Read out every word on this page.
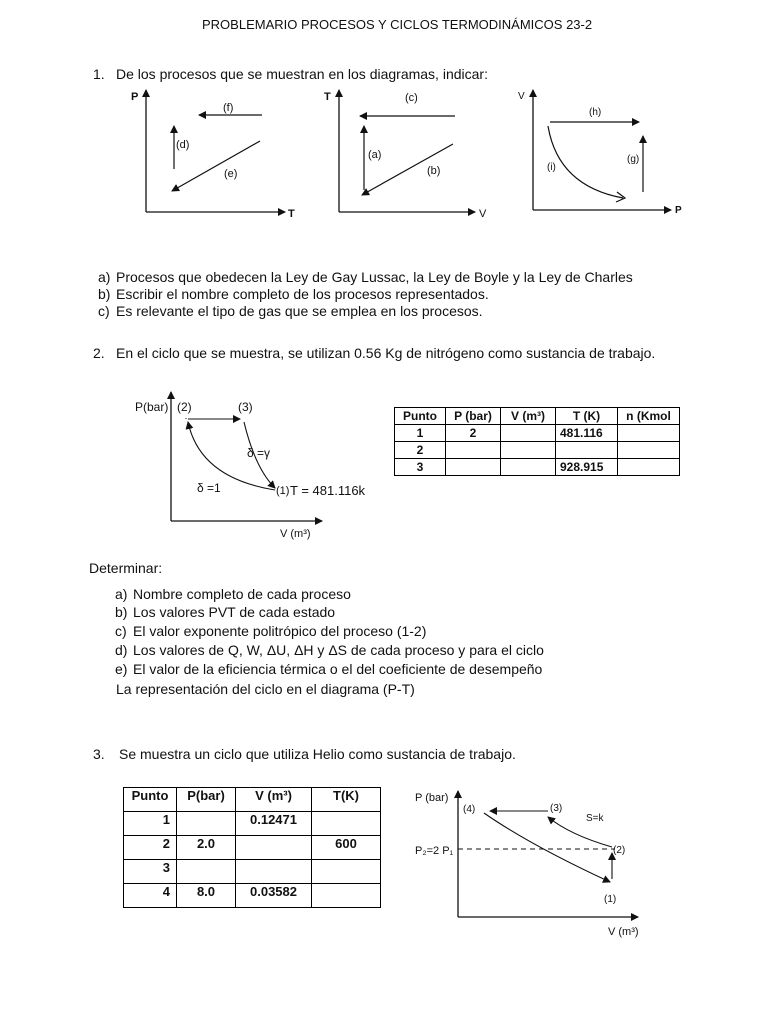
PROBLEMARIO PROCESOS Y CICLOS TERMODINÁMICOS 23-2
1. De los procesos que se muestran en los diagramas, indicar:
P
T
(f)
(d)
(e)
T
V
(c)
(a)
(b)
V
P
(h)
(i)
(g)
a) Procesos que obedecen la Ley de Gay Lussac, la Ley de Boyle y la Ley de Charles
b) Escribir el nombre completo de los procesos representados.
c) Es relevante el tipo de gas que se emplea en los procesos.
2. En el ciclo que se muestra, se utilizan 0.56 Kg de nitrógeno como sustancia de trabajo.
P(bar) (2)	(3)
δ =γ
δ =1	(1) T = 481.116k
V (m³)
Punto	P (bar)	V (m³)	T (K)	n (Kmol
1	2		481.116	
2				
3			928.915	
Determinar:
a) Nombre completo de cada proceso
b) Los valores PVT de cada estado
c) El valor exponente politrópico del proceso (1-2)
d) Los valores de Q, W, ΔU, ΔH y ΔS de cada proceso y para el ciclo
e) El valor de la eficiencia térmica o el del coeficiente de desempeño
La representación del ciclo en el diagrama (P-T)
3. Se muestra un ciclo que utiliza Helio como sustancia de trabajo.
Punto	P(bar)	V (m³)	T(K)
1		0.12471	
2	2.0		600
3			
4	8.0	0.03582	
P (bar)
(4)	(3)
S=k
P₂=2 P₁	(2)
(1)
V (m³)
